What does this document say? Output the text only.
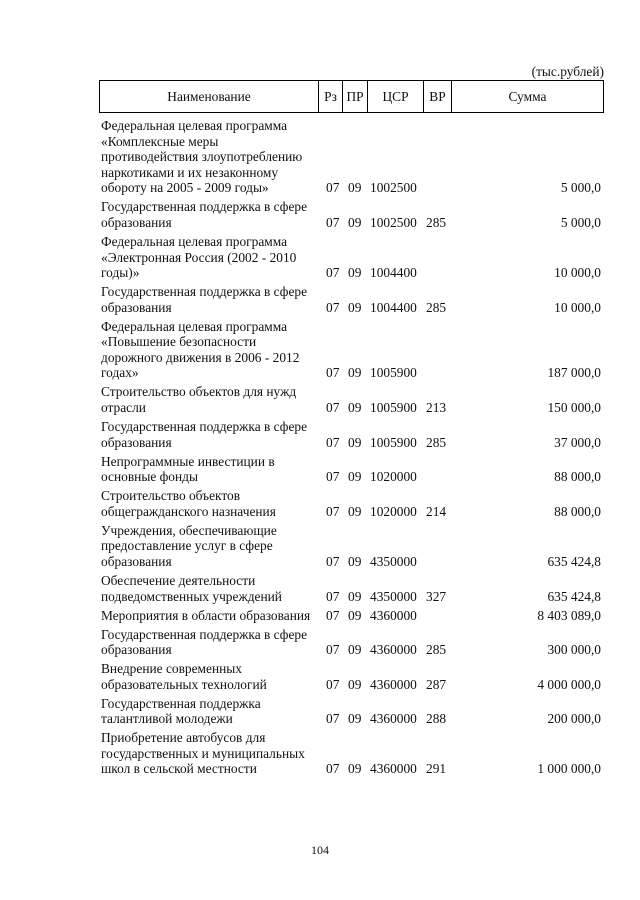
(тыс.рублей)
Наименование	Рз ПР	ЦСР	ВР	Сумма
Федеральная целевая программа
«Комплексные меры
противодействия злоупотреблению
наркотиками и их незаконному
обороту на 2005 - 2009 годы»	07 09 1002500	5 000,0
Государственная поддержка в сфере
образования	07 09 1002500 285	5 000,0
Федеральная целевая программа
«Электронная Россия (2002 - 2010
годы)»	07 09 1004400	10 000,0
Государственная поддержка в сфере
образования	07 09 1004400 285	10 000,0
Федеральная целевая программа
«Повышение безопасности
дорожного движения в 2006 - 2012
годах»	07 09 1005900	187 000,0
Строительство объектов для нужд
отрасли	07 09 1005900 213	150 000,0
Государственная поддержка в сфере
образования	07 09 1005900 285	37 000,0
Непрограммные инвестиции в
основные фонды	07 09 1020000	88 000,0
Строительство объектов
общегражданского назначения	07 09 1020000 214	88 000,0
Учреждения, обеспечивающие
предоставление услуг в сфере
образования	07 09 4350000	635 424,8
Обеспечение деятельности
подведомственных учреждений	07 09 4350000 327	635 424,8
Мероприятия в области образования	07 09 4360000	8 403 089,0
Государственная поддержка в сфере
образования	07 09 4360000 285	300 000,0
Внедрение современных
образовательных технологий	07 09 4360000 287	4 000 000,0
Государственная поддержка
талантливой молодежи	07 09 4360000 288	200 000,0
Приобретение автобусов для
государственных и муниципальных
школ в сельской местности	07 09 4360000 291	1 000 000,0
104
